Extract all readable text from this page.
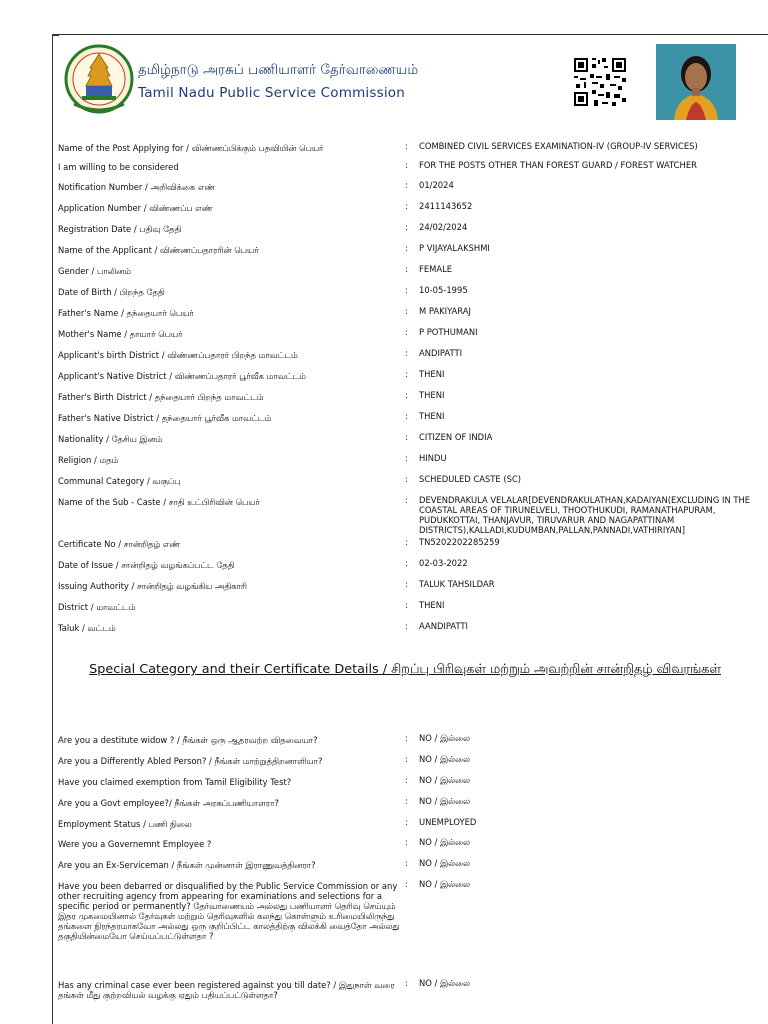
தமிழ்நாடு அரசுப் பணியாளர் தேர்வாணையம்
Tamil Nadu Public Service Commission
Name of the Post Applying for / விண்ணப்பிக்கும் பதவியின் பெயர்	: COMBINED CIVIL SERVICES EXAMINATION-IV (GROUP-IV SERVICES)
I am willing to be considered	: FOR THE POSTS OTHER THAN FOREST GUARD / FOREST WATCHER
Notification Number / அறிவிக்கை எண்	: 01/2024
Application Number / விண்ணப்ப எண்	: 2411143652
Registration Date / பதிவு தேதி	: 24/02/2024
Name of the Applicant / விண்ணப்பதாரரின் பெயர்	: P VIJAYALAKSHMI
Gender / பாலினம்	: FEMALE
Date of Birth / பிறந்த தேதி	: 10-05-1995
Father's Name / தந்தையார் பெயர்	: M PAKIYARAJ
Mother's Name / தாயார் பெயர்	: P POTHUMANI
Applicant's birth District / விண்ணப்பதாரர் பிறந்த மாவட்டம்	: ANDIPATTI
Applicant's Native District / விண்ணப்பதாரர் பூர்வீக மாவட்டம்	: THENI
Father's Birth District / தந்தையார் பிறந்த மாவட்டம்	: THENI
Father's Native District / தந்தையார் பூர்வீக மாவட்டம்	: THENI
Nationality / தேசிய இனம்	: CITIZEN OF INDIA
Religion / மதம்	: HINDU
Communal Category / வகுப்பு	: SCHEDULED CASTE (SC)
Name of the Sub - Caste / சாதி உட்பிரிவின் பெயர்	: DEVENDRAKULA VELALAR[DEVENDRAKULATHAN,KADAIYAN(EXCLUDING IN THE COASTAL AREAS OF TIRUNELVELI, THOOTHUKUDI, RAMANATHAPURAM, PUDUKKOTTAI, THANJAVUR, TIRUVARUR AND NAGAPATTINAM DISTRICTS),KALLADI,KUDUMBAN,PALLAN,PANNADI,VATHIRIYAN]
Certificate No / சான்றிதழ் எண்	: TN5202202285259
Date of Issue / சான்றிதழ் வழங்கப்பட்ட தேதி	: 02-03-2022
Issuing Authority / சான்றிதழ் வழங்கிய அதிகாரி	: TALUK TAHSILDAR
District / மாவட்டம்	: THENI
Taluk / வட்டம்	: AANDIPATTI
Special Category and their Certificate Details / சிறப்பு பிரிவுகள் மற்றும் அவற்றின் சான்றிதழ் விவரங்கள்
Are you a destitute widow ? / நீங்கள் ஒரு ஆதரவற்ற விதவையா?	: NO / இல்லை
Are you a Differently Abled Person? / நீங்கள் மாற்றுத்திறனாளியா?	: NO / இல்லை
Have you claimed exemption from Tamil Eligibility Test?	: NO / இல்லை
Are you a Govt employee?/ நீங்கள் அரசுப்பணியாளரா?	: NO / இல்லை
Employment Status / பணி நிலை	: UNEMPLOYED
Were you a Governemnt Employee ?	: NO / இல்லை
Are you an Ex-Serviceman / நீங்கள் முன்னாள் இராணுவத்தினரா?	: NO / இல்லை
Have you been debarred or disqualified by the Public Service Commission or any other recruiting agency from appearing for examinations and selections for a specific period or permanently? தேர்வாணையம் அல்லது பணியாளர் தெரிவு செய்யும் இதர முகமையினால் தேர்வுகள் மற்றும் தெரிவுகளில் கலந்து கொள்ளும் உரிமையிலிருந்து தங்களை நிரந்தரமாகவோ அல்லது ஒரு குறிப்பிட்ட காலத்திற்கு விலக்கி வைத்தோ அல்லது தகுதியின்மையோ செய்யப்பட்டுள்ளதா ?
: NO / இல்லை
Has any criminal case ever been registered against you till date? / இதுநாள் வரை தங்கள் மீது குற்றவியல் வழக்கு ஏதும் பதியப்பட்டுள்ளதா?
: NO / இல்லை
